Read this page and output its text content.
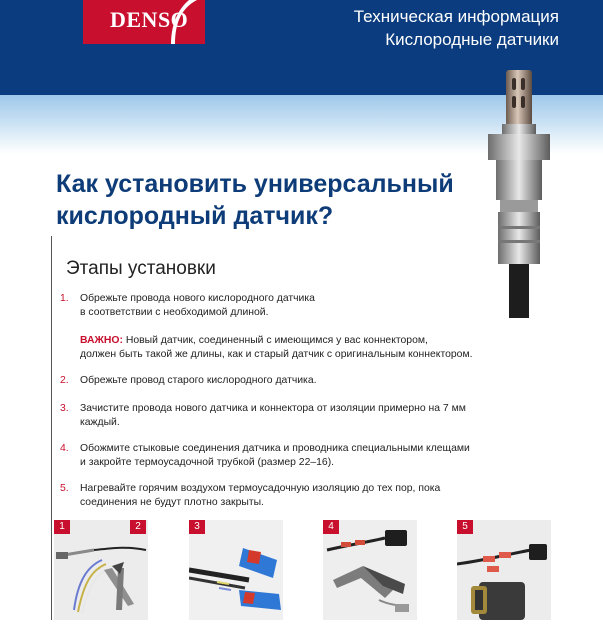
DENSO	Техническая информация
Кислородные датчики
Как установить универсальный
кислородный датчик?
Этапы установки
1.	Обрежьте провода нового кислородного датчика
в соответствии с необходимой длиной.
ВАЖНО: Новый датчик, соединенный с имеющимся у вас коннектором,
должен быть такой же длины, как и старый датчик с оригинальным коннектором.
2.	Обрежьте провод старого кислородного датчика.
3.	Зачистите провода нового датчика и коннектора от изоляции примерно на 7 мм
каждый.
4.	Обожмите стыковые соединения датчика и проводника специальными клещами
и закройте термоусадочной трубкой (размер 22–16).
5.	Нагревайте горячим воздухом термоусадочную изоляцию до тех пор, пока
соединения не будут плотно закрыты.
1	2	3	4	5
